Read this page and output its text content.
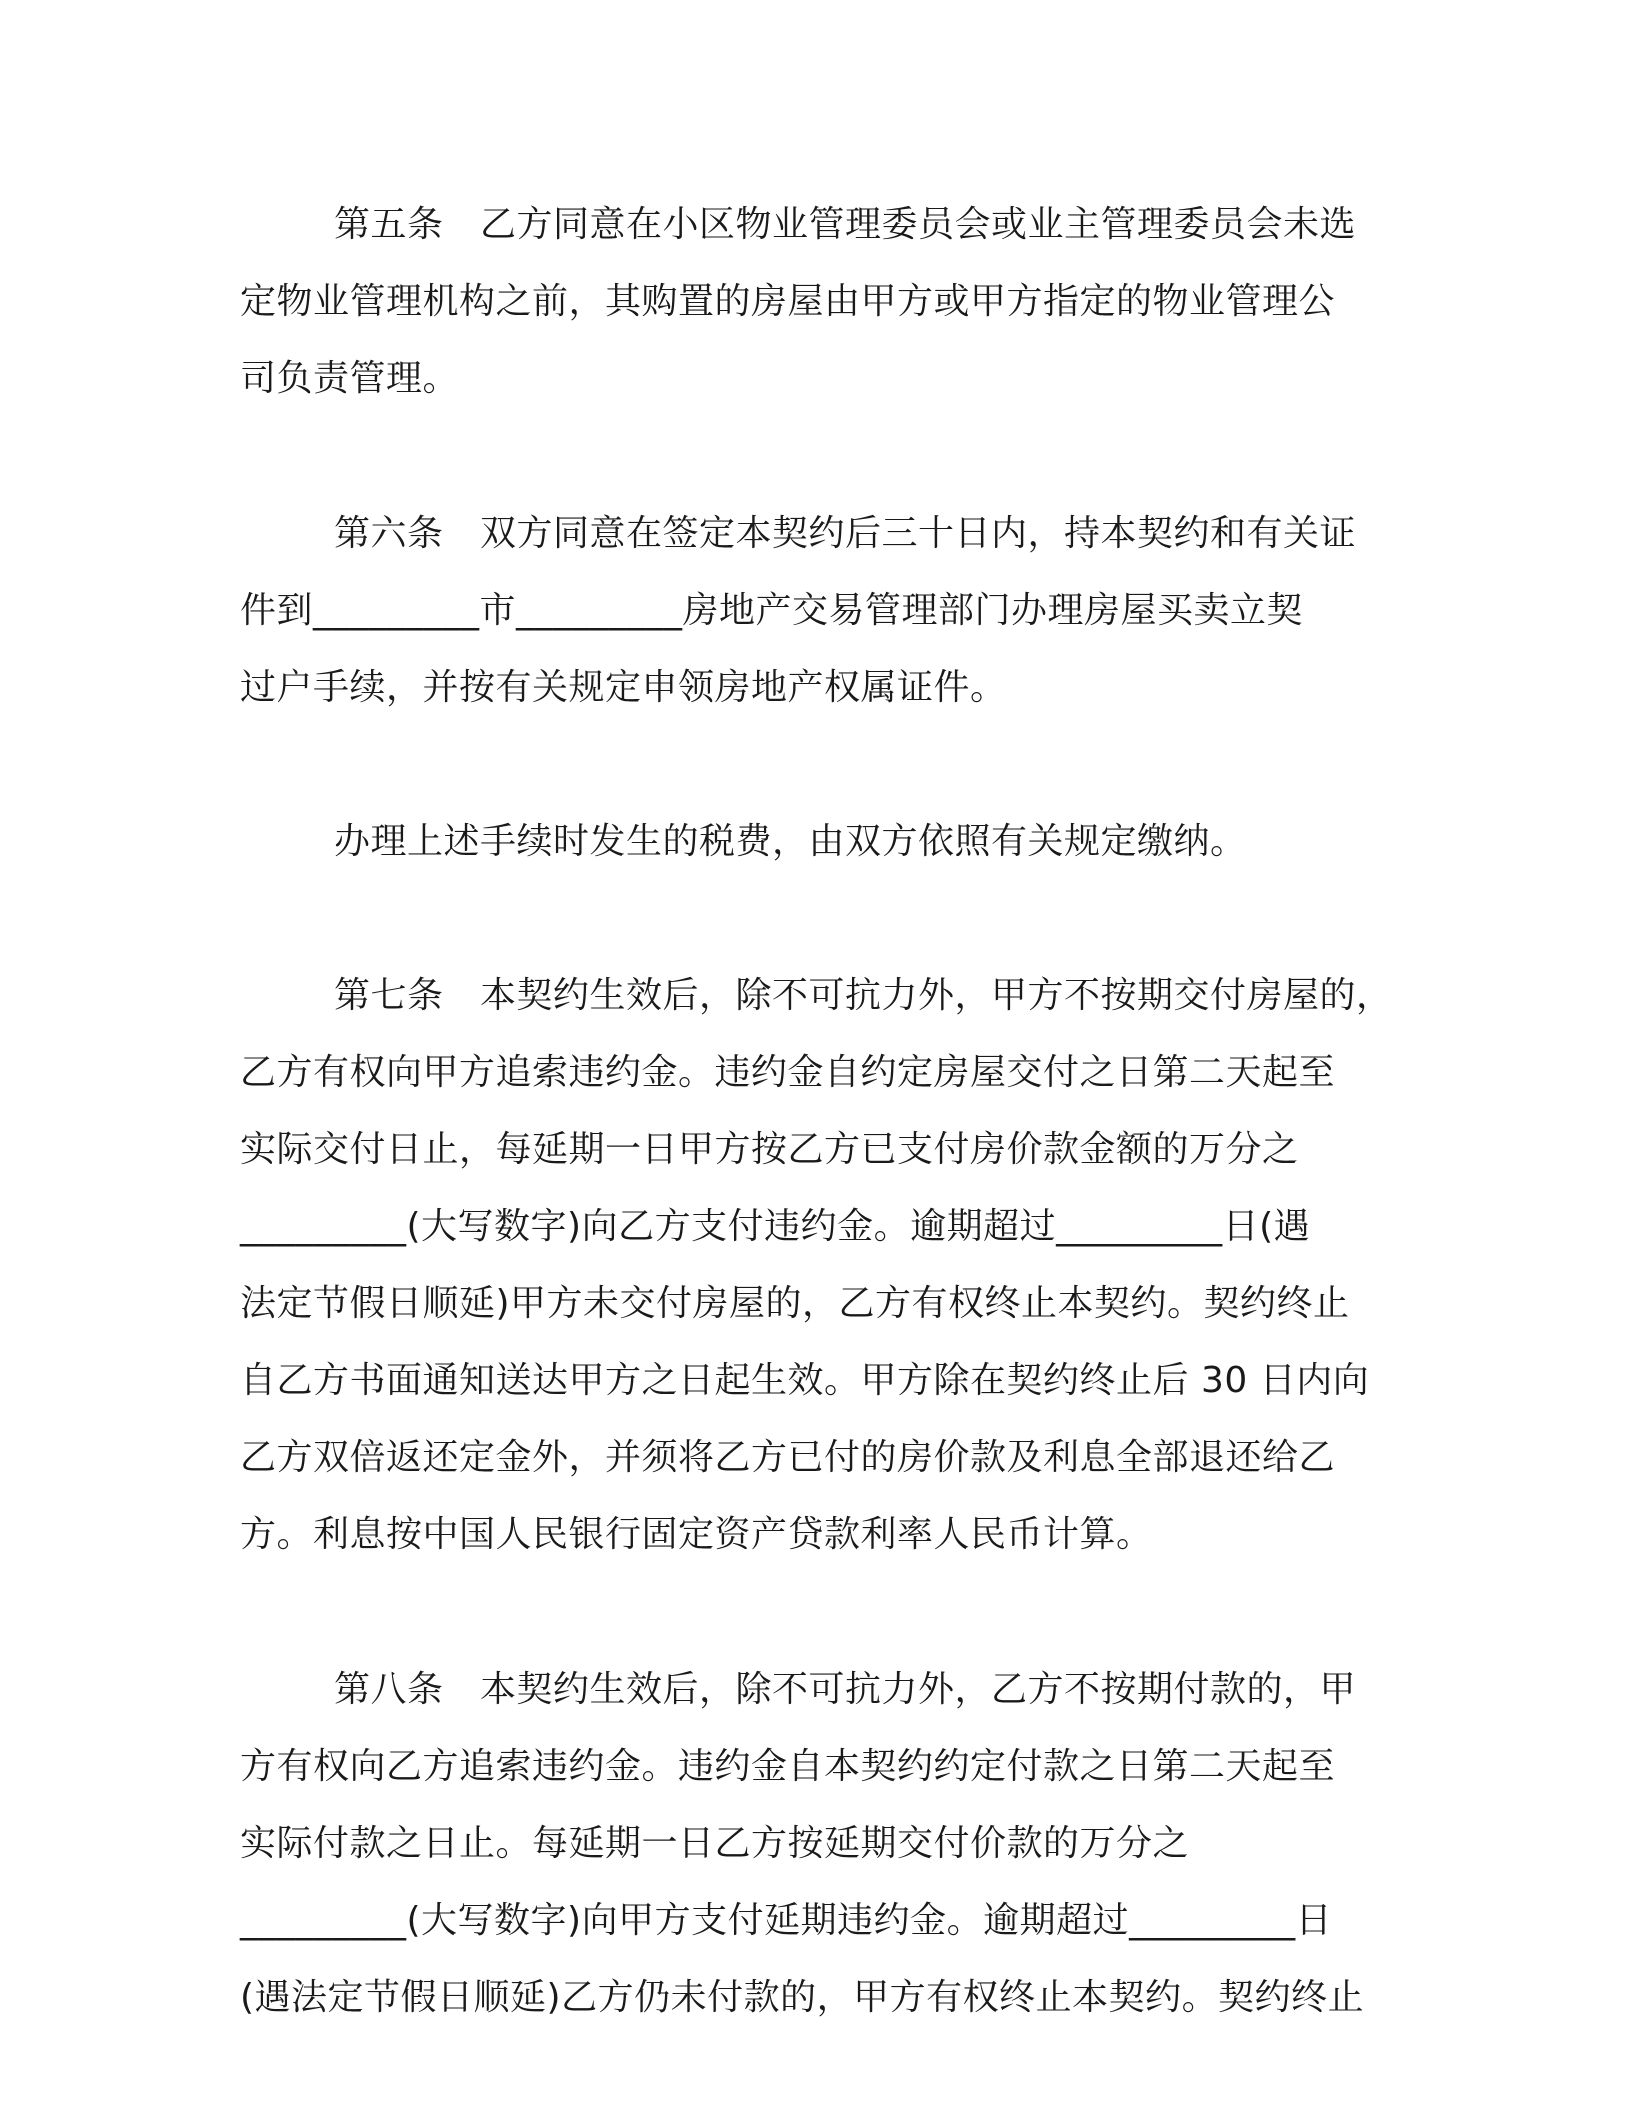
第五条　乙方同意在小区物业管理委员会或业主管理委员会未选
定物业管理机构之前，其购置的房屋由甲方或甲方指定的物业管理公
司负责管理。
第六条　双方同意在签定本契约后三十日内，持本契约和有关证
件到_________市_________房地产交易管理部门办理房屋买卖立契
过户手续，并按有关规定申领房地产权属证件。
办理上述手续时发生的税费，由双方依照有关规定缴纳。
第七条　本契约生效后，除不可抗力外，甲方不按期交付房屋的，
乙方有权向甲方追索违约金。违约金自约定房屋交付之日第二天起至
实际交付日止，每延期一日甲方按乙方已支付房价款金额的万分之
_________(大写数字)向乙方支付违约金。逾期超过_________日(遇
法定节假日顺延)甲方未交付房屋的，乙方有权终止本契约。契约终止
自乙方书面通知送达甲方之日起生效。甲方除在契约终止后 30 日内向
乙方双倍返还定金外，并须将乙方已付的房价款及利息全部退还给乙
方。利息按中国人民银行固定资产贷款利率人民币计算。
第八条　本契约生效后，除不可抗力外，乙方不按期付款的，甲
方有权向乙方追索违约金。违约金自本契约约定付款之日第二天起至
实际付款之日止。每延期一日乙方按延期交付价款的万分之
_________(大写数字)向甲方支付延期违约金。逾期超过_________日
(遇法定节假日顺延)乙方仍未付款的，甲方有权终止本契约。契约终止
